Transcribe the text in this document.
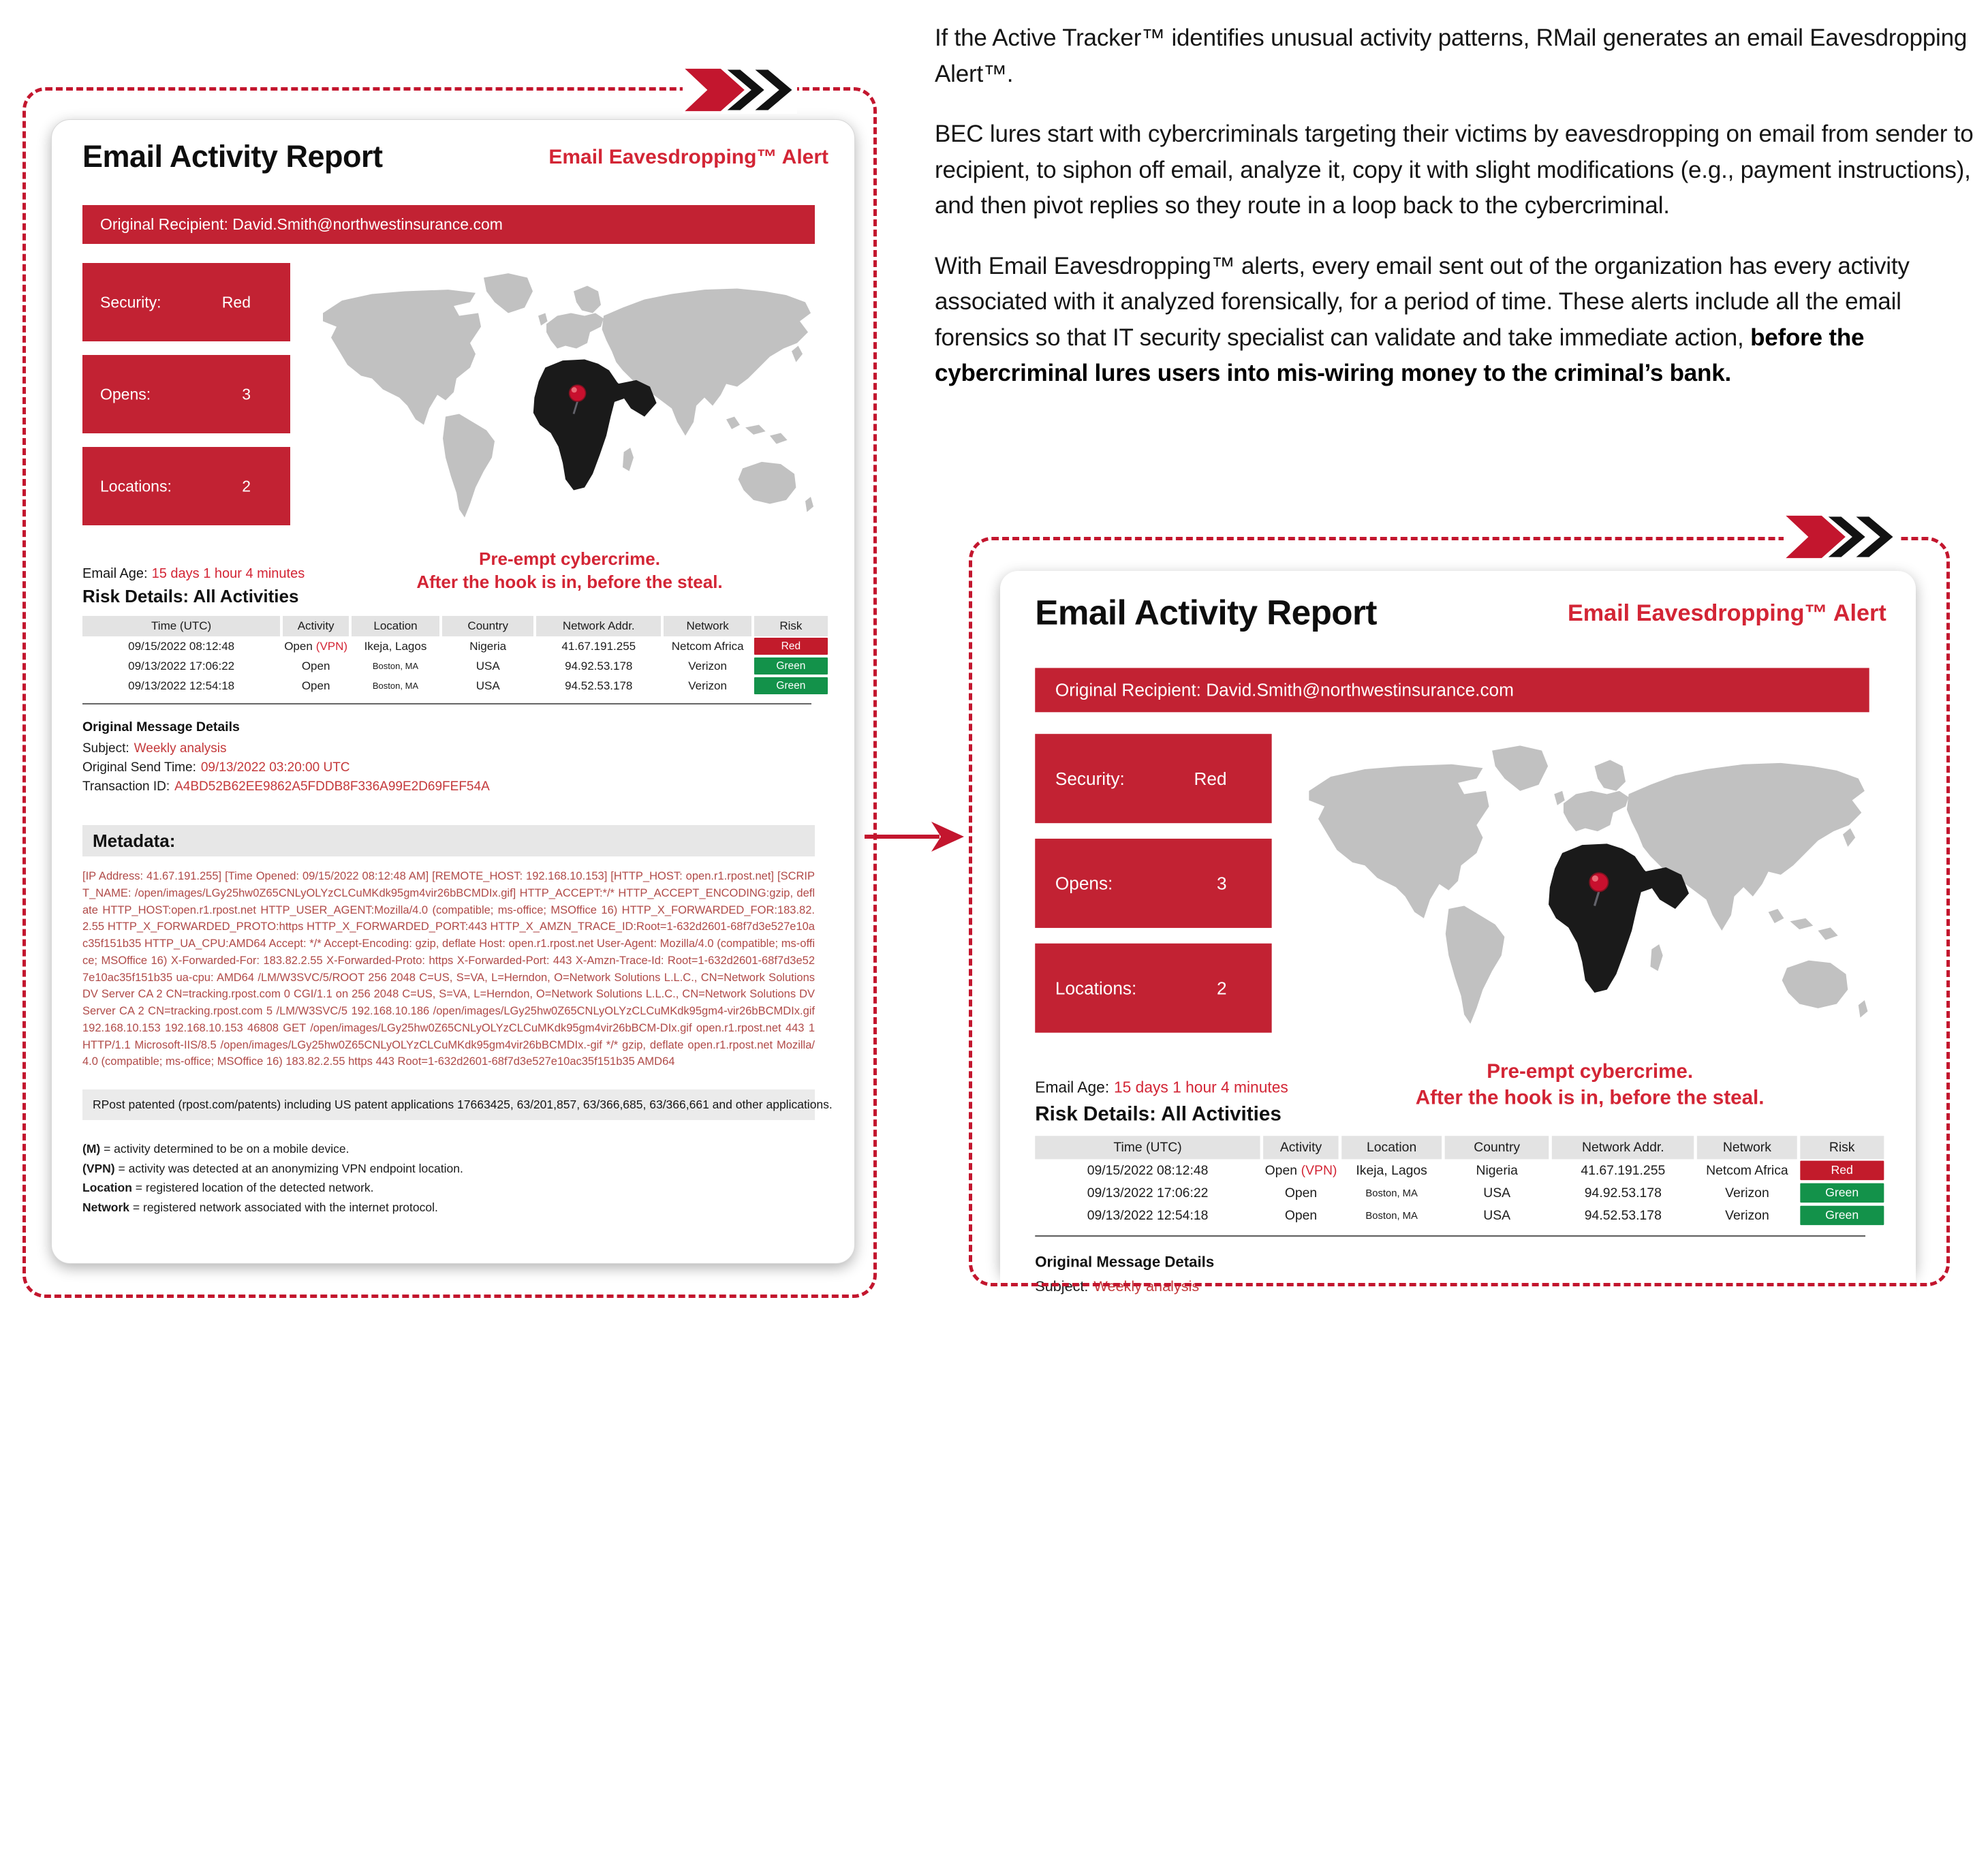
If the Active Tracker™ identifies unusual activity patterns, RMail generates an email Eavesdropping Alert™.

BEC lures start with cybercriminals targeting their victims by eavesdropping on email from sender to recipient, to siphon off email, analyze it, copy it with slight modifications (e.g., payment instructions), and then pivot replies so they route in a loop back to the cybercriminal.

With Email Eavesdropping™ alerts, every email sent out of the organization has every activity associated with it analyzed forensically, for a period of time. These alerts include all the email forensics so that IT security specialist can validate and take immediate action, before the cybercriminal lures users into mis-wiring money to the criminal’s bank.

Email Activity Report	Email Eavesdropping™ Alert
Original Recipient: David.Smith@northwestinsurance.com
Security:	Red
Opens:	3
Locations:	2
Pre-empt cybercrime.
After the hook is in, before the steal.
Email Age: 15 days 1 hour 4 minutes
Risk Details: All Activities
Time (UTC)	Activity	Location	Country	Network Addr.	Network	Risk
09/15/2022 08:12:48	Open (VPN)	Ikeja, Lagos	Nigeria	41.67.191.255	Netcom Africa	Red
09/13/2022 17:06:22	Open	Boston, MA	USA	94.92.53.178	Verizon	Green
09/13/2022 12:54:18	Open	Boston, MA	USA	94.52.53.178	Verizon	Green
Original Message Details
Subject: Weekly analysis
Original Send Time: 09/13/2022 03:20:00 UTC
Transaction ID: A4BD52B62EE9862A5FDDB8F336A99E2D69FEF54A
Metadata:
[IP Address: 41.67.191.255] [Time Opened: 09/15/2022 08:12:48 AM] [REMOTE_HOST: 192.168.10.153] [HTTP_HOST: open.r1.rpost.net] [SCRIPT_NAME: /open/images/LGy25hw0Z65CNLyOLYzCLCuMKdk95gm4vir26bBCMDIx.gif] HTTP_ACCEPT:*/* HTTP_ACCEPT_ENCODING:gzip, deflate HTTP_HOST:open.r1.rpost.net HTTP_USER_AGENT:Mozilla/4.0 (compatible; ms-office; MSOffice 16) HTTP_X_FORWARDED_FOR:183.82.2.55 HTTP_X_FORWARDED_PROTO:https HTTP_X_FORWARDED_PORT:443 HTTP_X_AMZN_TRACE_ID:Root=1-632d2601-68f7d3e527e10ac35f151b35 HTTP_UA_CPU:AMD64 Accept: */* Accept-Encoding: gzip, deflate Host: open.r1.rpost.net User-Agent: Mozilla/4.0 (compatible; ms-office; MSOffice 16) X-Forwarded-For: 183.82.2.55 X-Forwarded-Proto: https X-Forwarded-Port: 443 X-Amzn-Trace-Id: Root=1-632d2601-68f7d3e527e10ac35f151b35 ua-cpu: AMD64 /LM/W3SVC/5/ROOT 256 2048 C=US, S=VA, L=Herndon, O=Network Solutions L.L.C., CN=Network Solutions DV Server CA 2 CN=tracking.rpost.com 0 CGI/1.1 on 256 2048 C=US, S=VA, L=Herndon, O=Network Solutions L.L.C., CN=Network Solutions DV Server CA 2 CN=tracking.rpost.com 5 /LM/W3SVC/5 192.168.10.186 /open/images/LGy25hw0Z65CNLyOLYzCLCuMKdk95gm4-vir26bBCMDIx.gif 192.168.10.153 192.168.10.153 46808 GET /open/images/LGy25hw0Z65CNLyOLYzCLCuMKdk95gm4vir26bBCM-DIx.gif open.r1.rpost.net 443 1 HTTP/1.1 Microsoft-IIS/8.5 /open/images/LGy25hw0Z65CNLyOLYzCLCuMKdk95gm4vir26bBCMDIx.-gif */* gzip, deflate open.r1.rpost.net Mozilla/4.0 (compatible; ms-office; MSOffice 16) 183.82.2.55 https 443 Root=1-632d2601-68f7d3e527e10ac35f151b35 AMD64
RPost patented (rpost.com/patents) including US patent applications 17663425, 63/201,857, 63/366,685, 63/366,661 and other applications.
(M) = activity determined to be on a mobile device.
(VPN) = activity was detected at an anonymizing VPN endpoint location.
Location = registered location of the detected network.
Network = registered network associated with the internet protocol.
Email Activity Report	Email Eavesdropping™ Alert
Original Recipient: David.Smith@northwestinsurance.com
Security:	Red
Opens:	3
Locations:	2
Pre-empt cybercrime.
After the hook is in, before the steal.
Email Age: 15 days 1 hour 4 minutes
Risk Details: All Activities
Time (UTC)	Activity	Location	Country	Network Addr.	Network	Risk
09/15/2022 08:12:48	Open (VPN)	Ikeja, Lagos	Nigeria	41.67.191.255	Netcom Africa	Red
09/13/2022 17:06:22	Open	Boston, MA	USA	94.92.53.178	Verizon	Green
09/13/2022 12:54:18	Open	Boston, MA	USA	94.52.53.178	Verizon	Green
Original Message Details
Subject: Weekly analysis
